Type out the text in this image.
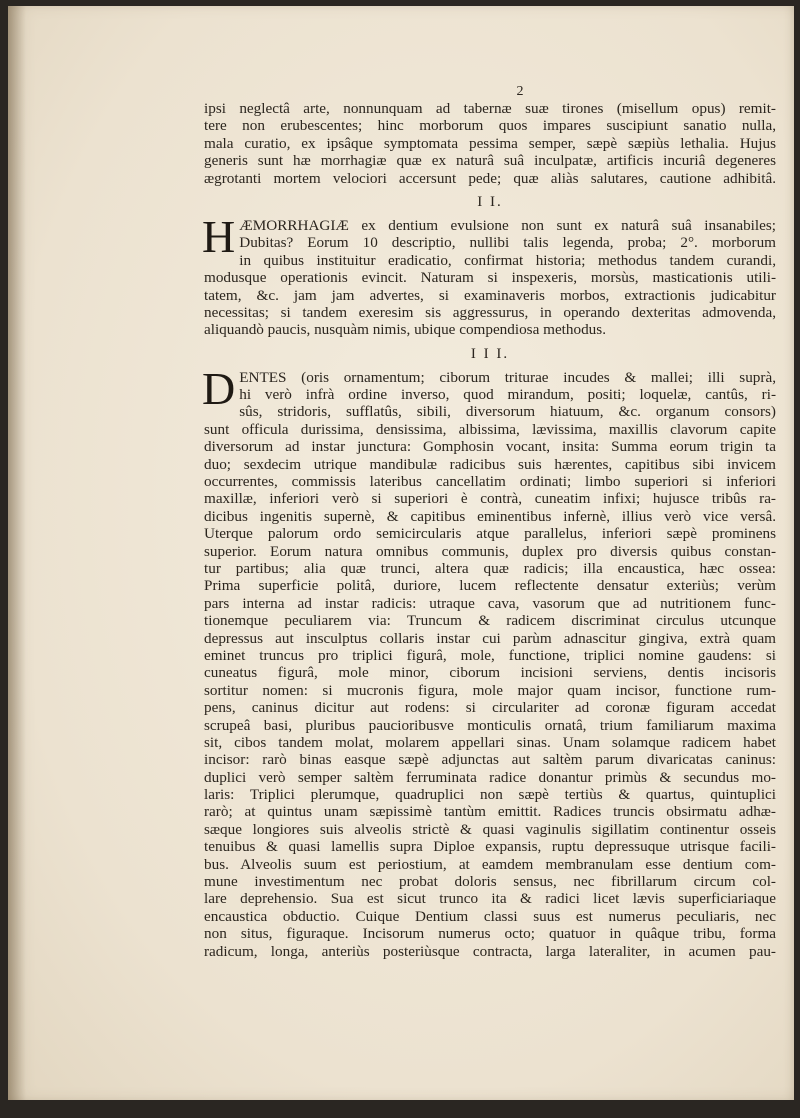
2
ipsi neglectâ arte, nonnunquam ad tabernæ suæ tirones (misellum opus) remit-
tere non erubescentes; hinc morborum quos impares suscipiunt sanatio nulla,
mala curatio, ex ipsâque symptomata pessima semper, sæpè sæpiùs lethalia. Hujus
generis sunt hæ morrhagiæ quæ ex naturâ suâ inculpatæ, artificis incuriâ degeneres
ægrotanti mortem velociori accersunt pede; quæ aliàs salutares, cautione adhibitâ.
I I.
H ÆMORRHAGIÆ ex dentium evulsione non sunt ex naturâ suâ insanabiles;
Dubitas? Eorum 10 descriptio, nullibi talis legenda, proba; 2°. morborum
in quibus instituitur eradicatio, confirmat historia; methodus tandem curandi,
modusque operationis evincit. Naturam si inspexeris, morsùs, masticationis utili-
tatem, &c. jam jam advertes, si examinaveris morbos, extractionis judicabitur
necessitas; si tandem exeresim sis aggressurus, in operando dexteritas admovenda,
aliquandò paucis, nusquàm nimis, ubique compendiosa methodus.
I I I.
D ENTES (oris ornamentum; ciborum triturae incudes & mallei; illi suprà,
hi verò infrà ordine inverso, quod mirandum, positi; loquelæ, cantûs, ri-
sûs, stridoris, sufflatûs, sibili, diversorum hiatuum, &c. organum consors)
sunt officula durissima, densissima, albissima, lævissima, maxillis clavorum capite
diversorum ad instar junctura: Gomphosin vocant, insita: Summa eorum trigin ta
duo; sexdecim utrique mandibulæ radicibus suis hærentes, capitibus sibi invicem
occurrentes, commissis lateribus cancellatim ordinati; limbo superiori si inferiori
maxillæ, inferiori verò si superiori è contrà, cuneatim infixi; hujusce tribûs ra-
dicibus ingenitis supernè, & capitibus eminentibus infernè, illius verò vice versâ.
Uterque palorum ordo semicircularis atque parallelus, inferiori sæpè prominens
superior. Eorum natura omnibus communis, duplex pro diversis quibus constan-
tur partibus; alia quæ trunci, altera quæ radicis; illa encaustica, hæc ossea:
Prima superficie politâ, duriore, lucem reflectente densatur exteriùs; verùm
pars interna ad instar radicis: utraque cava, vasorum que ad nutritionem func-
tionemque peculiarem via: Truncum & radicem discriminat circulus utcunque
depressus aut insculptus collaris instar cui parùm adnascitur gingiva, extrà quam
eminet truncus pro triplici figurâ, mole, functione, triplici nomine gaudens: si
cuneatus figurâ, mole minor, ciborum incisioni serviens, dentis incisoris
sortitur nomen: si mucronis figura, mole major quam incisor, functione rum-
pens, caninus dicitur aut rodens: si circulariter ad coronæ figuram accedat
scrupeâ basi, pluribus paucioribusve monticulis ornatâ, trium familiarum maxima
sit, cibos tandem molat, molarem appellari sinas. Unam solamque radicem habet
incisor: rarò binas easque sæpè adjunctas aut saltèm parum divaricatas caninus:
duplici verò semper saltèm ferruminata radice donantur primùs & secundus mo-
laris: Triplici plerumque, quadruplici non sæpè tertiùs & quartus, quintuplici
rarò; at quintus unam sæpissimè tantùm emittit. Radices truncis obsirmatu adhæ-
sæque longiores suis alveolis strictè & quasi vaginulis sigillatim continentur osseis
tenuibus & quasi lamellis supra Diploe expansis, ruptu depressuque utrisque facili-
bus. Alveolis suum est periostium, at eamdem membranulam esse dentium com-
mune investimentum nec probat doloris sensus, nec fibrillarum circum col-
lare deprehensio. Sua est sicut trunco ita & radici licet lævis superficiariaque
encaustica obductio. Cuique Dentium classi suus est numerus peculiaris, nec
non situs, figuraque. Incisorum numerus octo; quatuor in quâque tribu, forma
radicum, longa, anteriùs posteriùsque contracta, larga lateraliter, in acumen pau-
